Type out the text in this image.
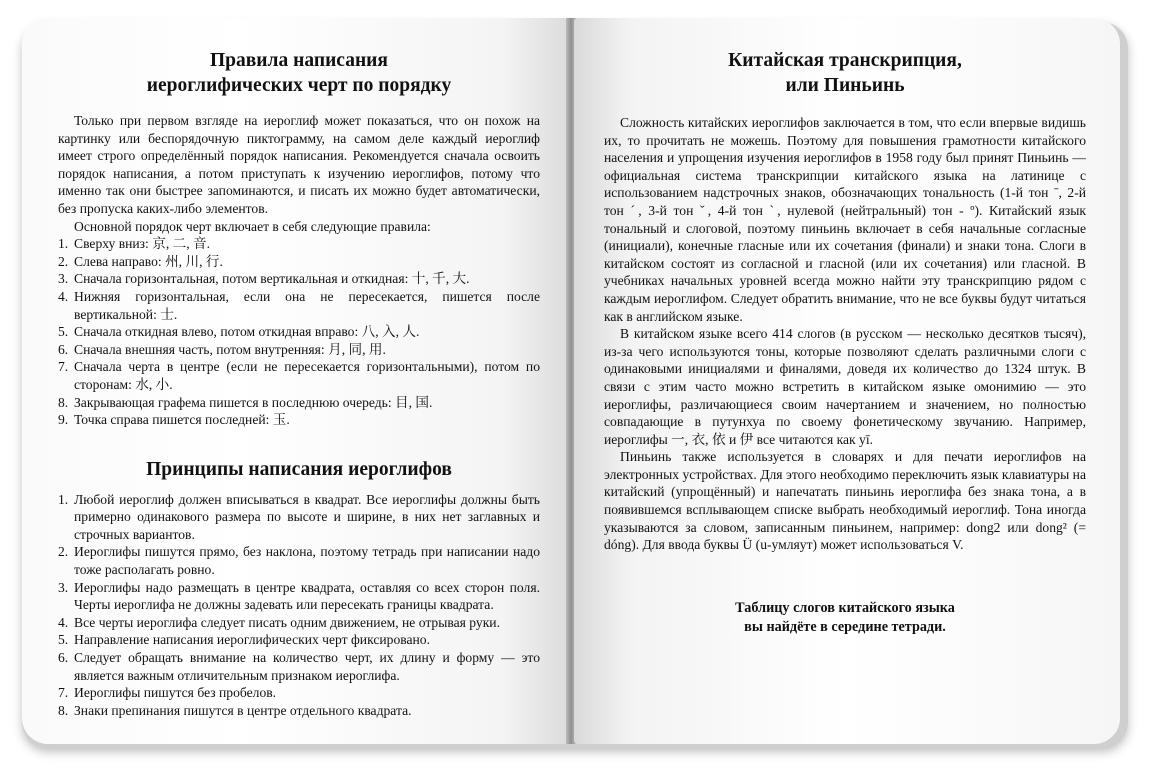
Правила написания
иероглифических черт по порядку

Только при первом взгляде на иероглиф может показаться, что он похож на картинку или беспорядочную пиктограмму, на самом деле каждый иероглиф имеет строго определённый порядок написания. Рекомендуется сначала освоить порядок написания, а потом приступать к изучению иероглифов, потому что именно так они быстрее запоминаются, и писать их можно будет автоматически, без пропуска каких-либо элементов.

Основной порядок черт включает в себя следующие правила:

1. Сверху вниз: 京, 二, 音.
2. Слева направо: 州, 川, 行.
3. Сначала горизонтальная, потом вертикальная и откидная: 十, 千, 大.
4. Нижняя горизонтальная, если она не пересекается, пишется после вертикальной: 士.
5. Сначала откидная влево, потом откидная вправо: 八, 入, 人.
6. Сначала внешняя часть, потом внутренняя: 月, 同, 用.
7. Сначала черта в центре (если не пересекается горизонтальными), потом по сторонам: 水, 小.
8. Закрывающая графема пишется в последнюю очередь: 目, 国.
9. Точка справа пишется последней: 玉.
Принципы написания иероглифов
1. Любой иероглиф должен вписываться в квадрат. Все иероглифы должны быть примерно одинакового размера по высоте и ширине, в них нет заглавных и строчных вариантов.
2. Иероглифы пишутся прямо, без наклона, поэтому тетрадь при написании надо тоже располагать ровно.
3. Иероглифы надо размещать в центре квадрата, оставляя со всех сторон поля. Черты иероглифа не должны задевать или пересекать границы квадрата.
4. Все черты иероглифа следует писать одним движением, не отрывая руки.
5. Направление написания иероглифических черт фиксировано.
6. Следует обращать внимание на количество черт, их длину и форму — это является важным отличительным признаком иероглифа.
7. Иероглифы пишутся без пробелов.
8. Знаки препинания пишутся в центре отдельного квадрата.
Китайская транскрипция,
или Пиньинь

Сложность китайских иероглифов заключается в том, что если впервые видишь их, то прочитать не можешь. Поэтому для повышения грамотности китайского населения и упрощения изучения иероглифов в 1958 году был принят Пиньинь — официальная система транскрипции китайского языка на латинице с использованием надстрочных знаков, обозначающих тональность (1-й тон ˉ, 2-й тон ˊ, 3-й тон ˇ, 4-й тон ˋ, нулевой (нейтральный) тон - º). Китайский язык тональный и слоговой, поэтому пиньинь включает в себя начальные согласные (инициали), конечные гласные или их сочетания (финали) и знаки тона. Слоги в китайском состоят из согласной и гласной (или их сочетания) или гласной. В учебниках начальных уровней всегда можно найти эту транскрипцию рядом с каждым иероглифом. Следует обратить внимание, что не все буквы будут читаться как в английском языке.

В китайском языке всего 414 слогов (в русском — несколько десятков тысяч), из-за чего используются тоны, которые позволяют сделать различными слоги с одинаковыми инициалями и финалями, доведя их количество до 1324 штук. В связи с этим часто можно встретить в китайском языке омонимию — это иероглифы, различающиеся своим начертанием и значением, но полностью совпадающие в путунхуа по своему фонетическому звучанию. Например, иероглифы 一, 衣, 依 и 伊 все читаются как yī.

Пиньинь также используется в словарях и для печати иероглифов на электронных устройствах. Для этого необходимо переключить язык клавиатуры на китайский (упрощённый) и напечатать пиньинь иероглифа без знака тона, а в появившемся всплывающем списке выбрать необходимый иероглиф. Тона иногда указываются за словом, записанным пиньинем, например: dong2 или dong² (= dóng). Для ввода буквы Ü (u-умляут) может использоваться V.

Таблицу слогов китайского языка
вы найдёте в середине тетради.
